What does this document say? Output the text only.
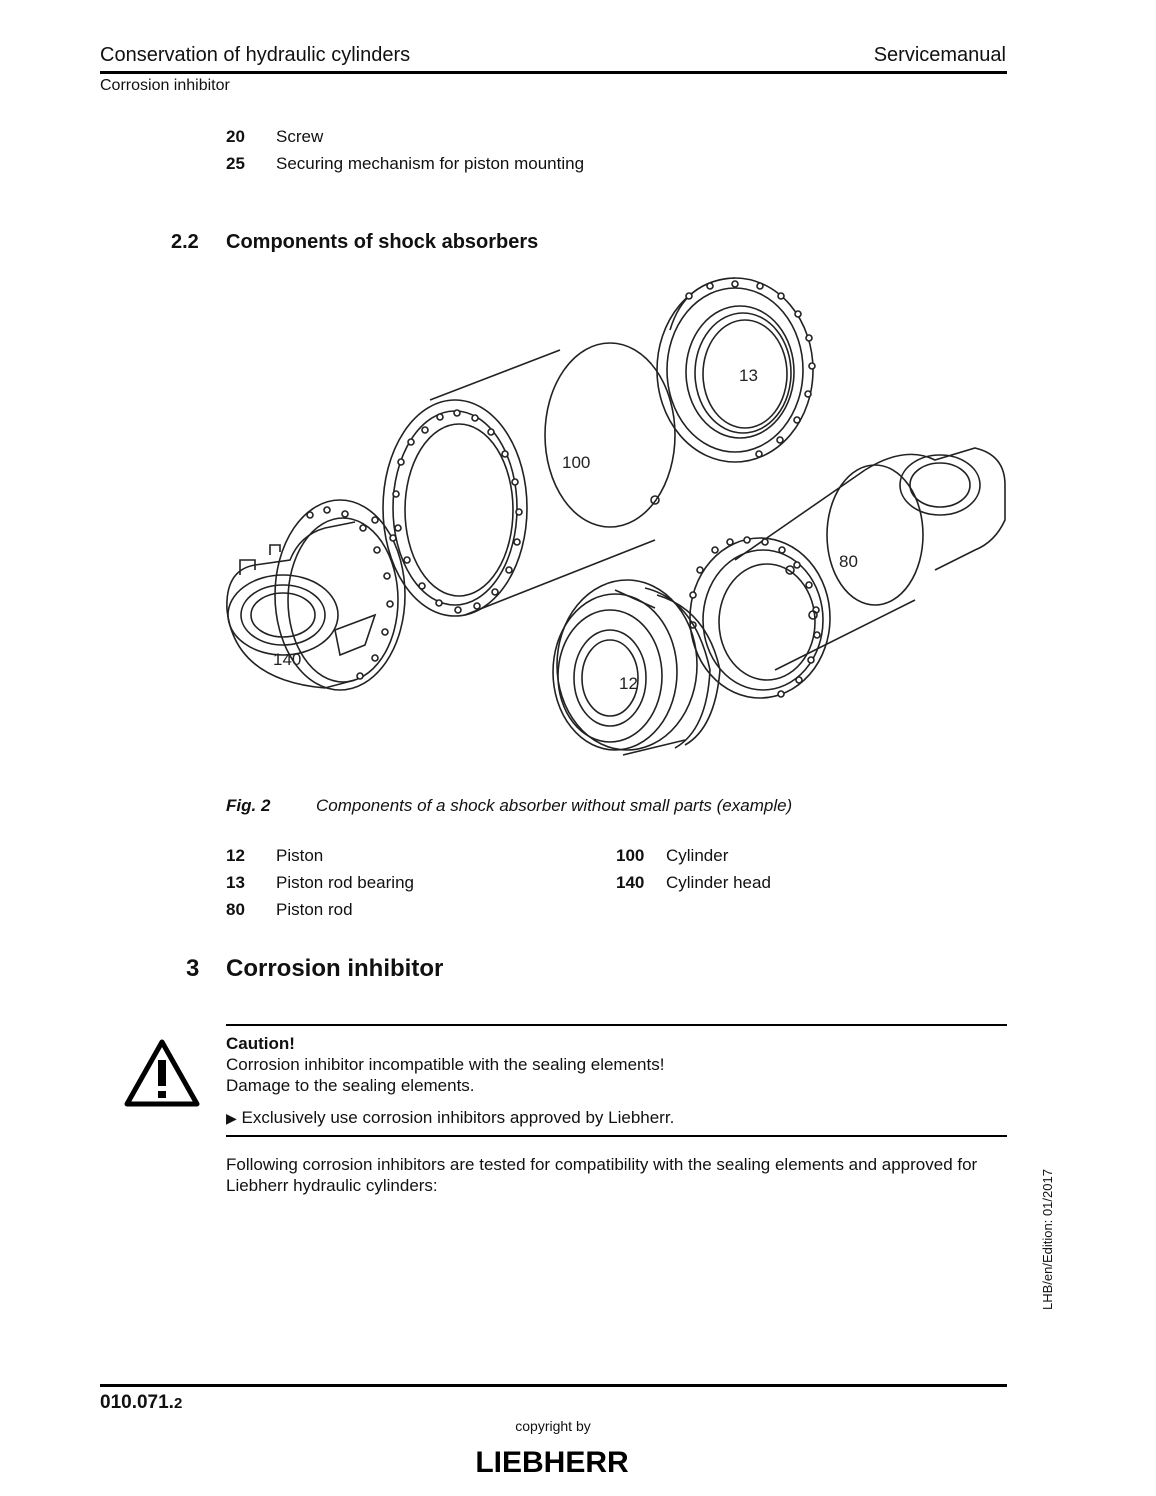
Conservation of hydraulic cylinders	Servicemanual
Corrosion inhibitor
20 Screw
25 Securing mechanism for piston mounting
2.2 Components of shock absorbers
13
100
80
140
12
Fig. 2	Components of a shock absorber without small parts (example)
12 Piston
13 Piston rod bearing
80 Piston rod
100 Cylinder
140 Cylinder head
3 Corrosion inhibitor
Caution!
Corrosion inhibitor incompatible with the sealing elements!
Damage to the sealing elements.
▶ Exclusively use corrosion inhibitors approved by Liebherr.
Following corrosion inhibitors are tested for compatibility with the sealing elements and approved for
Liebherr hydraulic cylinders:	LHB/en/Edition: 01/2017
010.071.2
copyright by
LIEBHERR
